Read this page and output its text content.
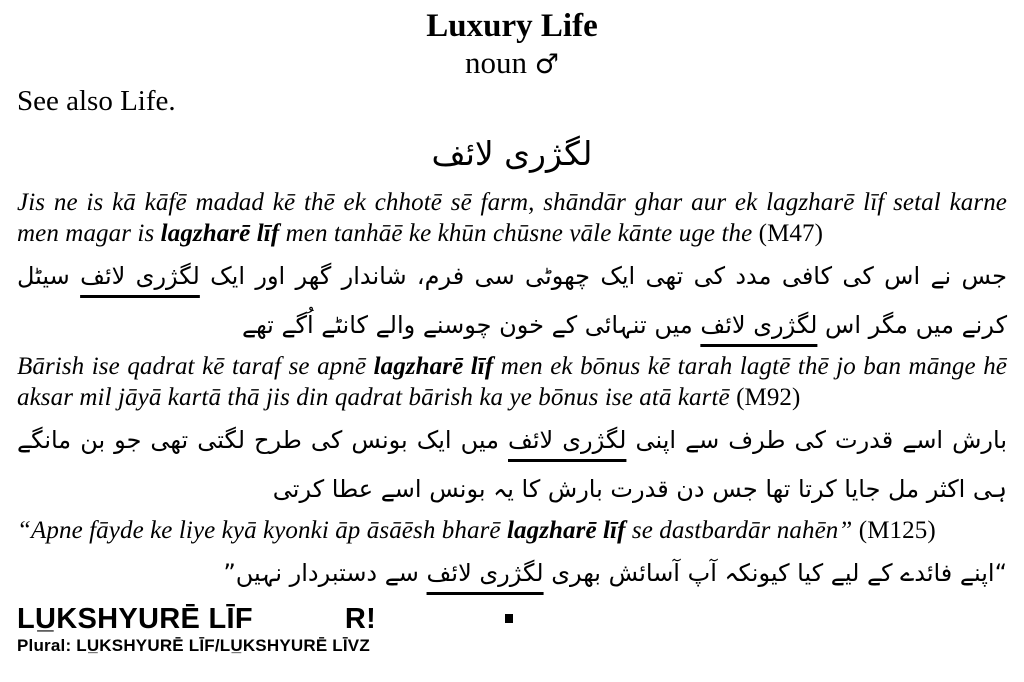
Luxury Life
noun ♂
See also Life.
لگژری لائف

Jis ne is kā kāfē madad kē thē ek chhotē sē farm, shāndār ghar aur ek lagzharē līf setal karne men magar is lagzharē līf men tanhāē ke khūn chūsne vāle kānte uge the (M47)

جس نے اس کی کافی مدد کی تھی ایک چھوٹی سی فرم، شاندار گھر اور ایک لگژری لائف سیٹل کرنے میں مگر اس لگژری لائف میں تنہائی کے خون چوسنے والے کانٹے اُگے تھے

Bārish ise qadrat kē taraf se apnē lagzharē līf men ek bōnus kē tarah lagtē thē jo ban mānge hē aksar mil jāyā kartā thā jis din qadrat bārish ka ye bōnus ise atā kartē (M92)

بارش اسے قدرت کی طرف سے اپنی لگژری لائف میں ایک بونس کی طرح لگتی تھی جو بن مانگے ہی اکثر مل جایا کرتا تھا جس دن قدرت بارش کا یہ بونس اسے عطا کرتی

“Apne fāyde ke liye kyā kyonki āp āsāēsh bharē lagzharē līf se dastbardār nahēn” (M125)

“اپنے فائدے کے لیے کیا کیونکہ آپ آسائش بھری لگژری لائف سے دستبردار نہیں”

LU̲KSHYURĒ LĪF	R!
Plural: LU̲KSHYURĒ LĪF/LU̲KSHYURĒ LĪVZ
